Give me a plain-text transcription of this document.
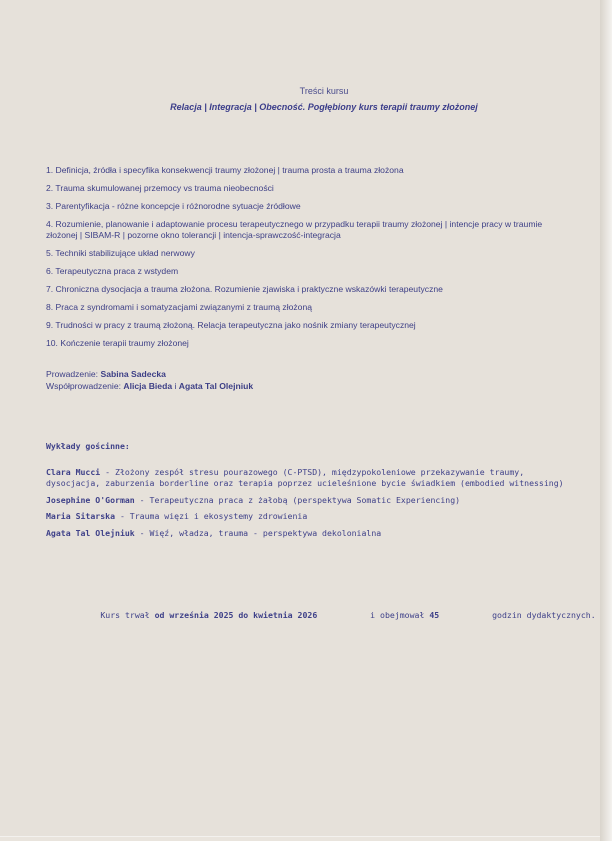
Treści kursu
Relacja | Integracja | Obecność. Pogłębiony kurs terapii traumy złożonej
1. Definicja, źródła i specyfika konsekwencji traumy złożonej | trauma prosta a trauma złożona
2. Trauma skumulowanej przemocy vs trauma nieobecności
3. Parentyfikacja - różne koncepcje i różnorodne sytuacje źródłowe
4. Rozumienie, planowanie i adaptowanie procesu terapeutycznego w przypadku terapii traumy złożonej | intencje pracy w traumie złożonej | SIBAM-R | pozorne okno tolerancji | intencja-sprawczość-integracja
5. Techniki stabilizujące układ nerwowy
6. Terapeutyczna praca z wstydem
7. Chroniczna dysocjacja a trauma złożona. Rozumienie zjawiska i praktyczne wskazówki terapeutyczne
8. Praca z syndromami i somatyzacjami związanymi z traumą złożoną
9. Trudności w pracy z traumą złożoną. Relacja terapeutyczna jako nośnik zmiany terapeutycznej
10. Kończenie terapii traumy złożonej
Prowadzenie: Sabina Sadecka
Współprowadzenie: Alicja Bieda i Agata Tal Olejniuk
Wykłady gościnne:
Clara Mucci - Złożony zespół stresu pourazowego (C-PTSD), międzypokoleniowe przekazywanie traumy, dysocjacja, zaburzenia borderline oraz terapia poprzez ucieleśnione bycie świadkiem (embodied witnessing)
Josephine O'Gorman - Terapeutyczna praca z żałobą (perspektywa Somatic Experiencing)
Maria Sitarska - Trauma więzi i ekosystemy zdrowienia
Agata Tal Olejniuk - Więź, władza, trauma - perspektywa dekolonialna
Kurs trwał od września 2025 do kwietnia 2026	i obejmował 45	godzin dydaktycznych.
